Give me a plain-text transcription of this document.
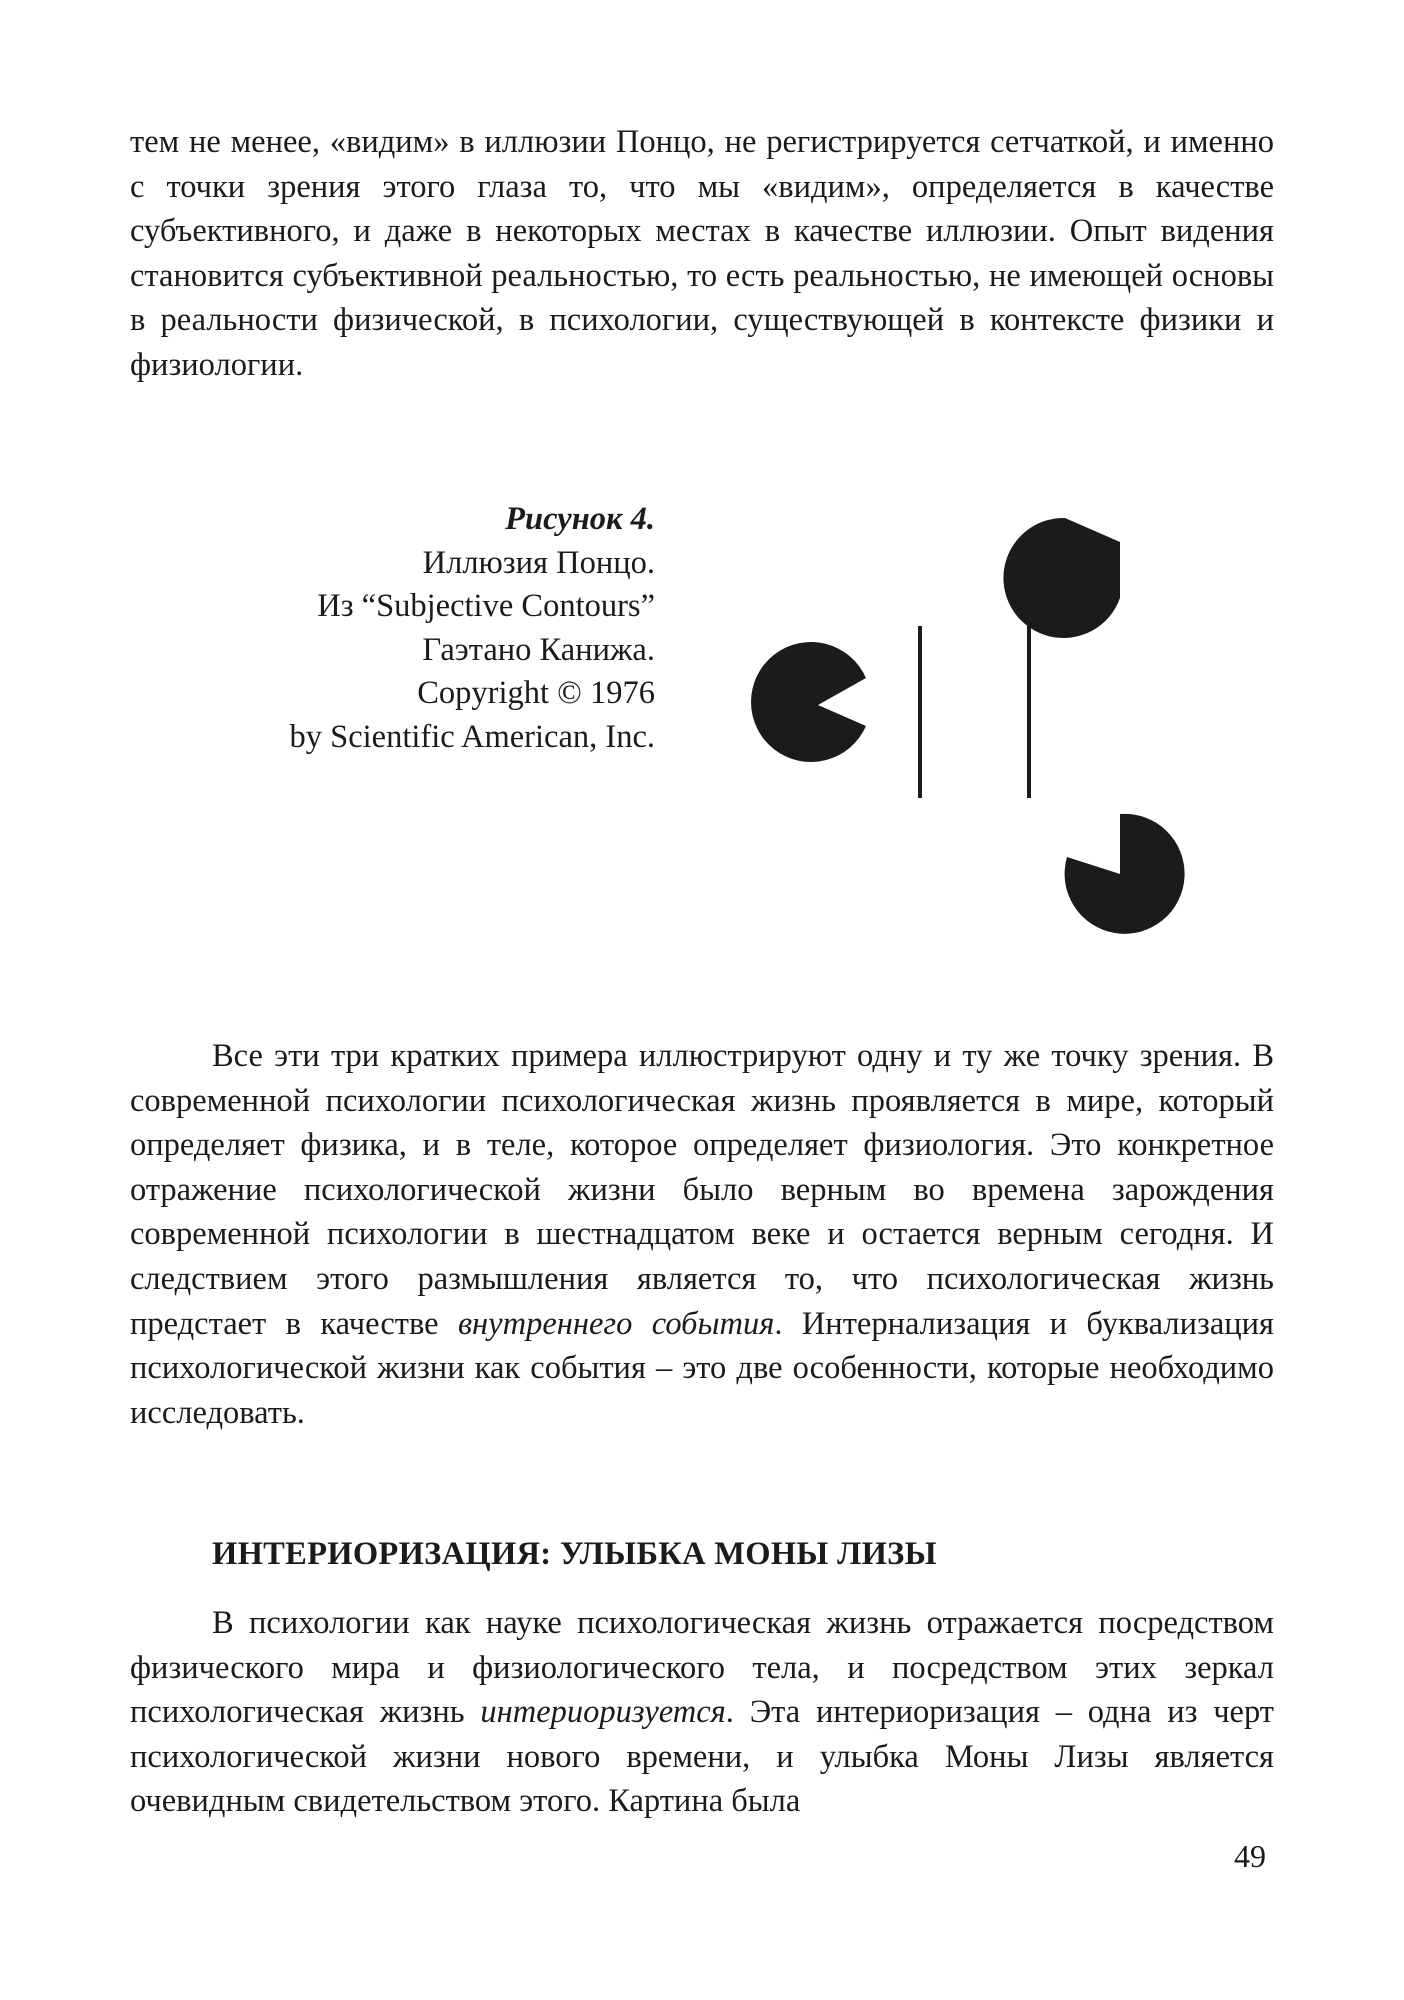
тем не менее, «видим» в иллюзии Понцо, не регистрируется сетчаткой, и именно с точки зрения этого глаза то, что мы «видим», определяется в качестве субъективного, и даже в некоторых местах в качестве иллюзии. Опыт видения становится субъективной реальностью, то есть реальностью, не имеющей основы в реальности физической, в психологии, существующей в контексте физики и физиологии.

Рисунок 4.
Иллюзия Понцо.
Из “Subjective Contours”
Гаэтано Канижа.
Copyright © 1976
by Scientific American, Inc.

Все эти три кратких примера иллюстрируют одну и ту же точку зрения. В современной психологии психологическая жизнь проявляется в мире, который определяет физика, и в теле, которое определяет физиология. Это конкретное отражение психологической жизни было верным во времена зарождения современной психологии в шестнадцатом веке и остается верным сегодня. И следствием этого размышления является то, что психологическая жизнь предстает в качестве внутреннего события. Интернализация и буквализация психологической жизни как события – это две особенности, которые необходимо исследовать.

ИНТЕРИОРИЗАЦИЯ: УЛЫБКА МОНЫ ЛИЗЫ

В психологии как науке психологическая жизнь отражается посредством физического мира и физиологического тела, и посредством этих зеркал психологическая жизнь интериоризуется. Эта интериоризация – одна из черт психологической жизни нового времени, и улыбка Моны Лизы является очевидным свидетельством этого. Картина была

49
